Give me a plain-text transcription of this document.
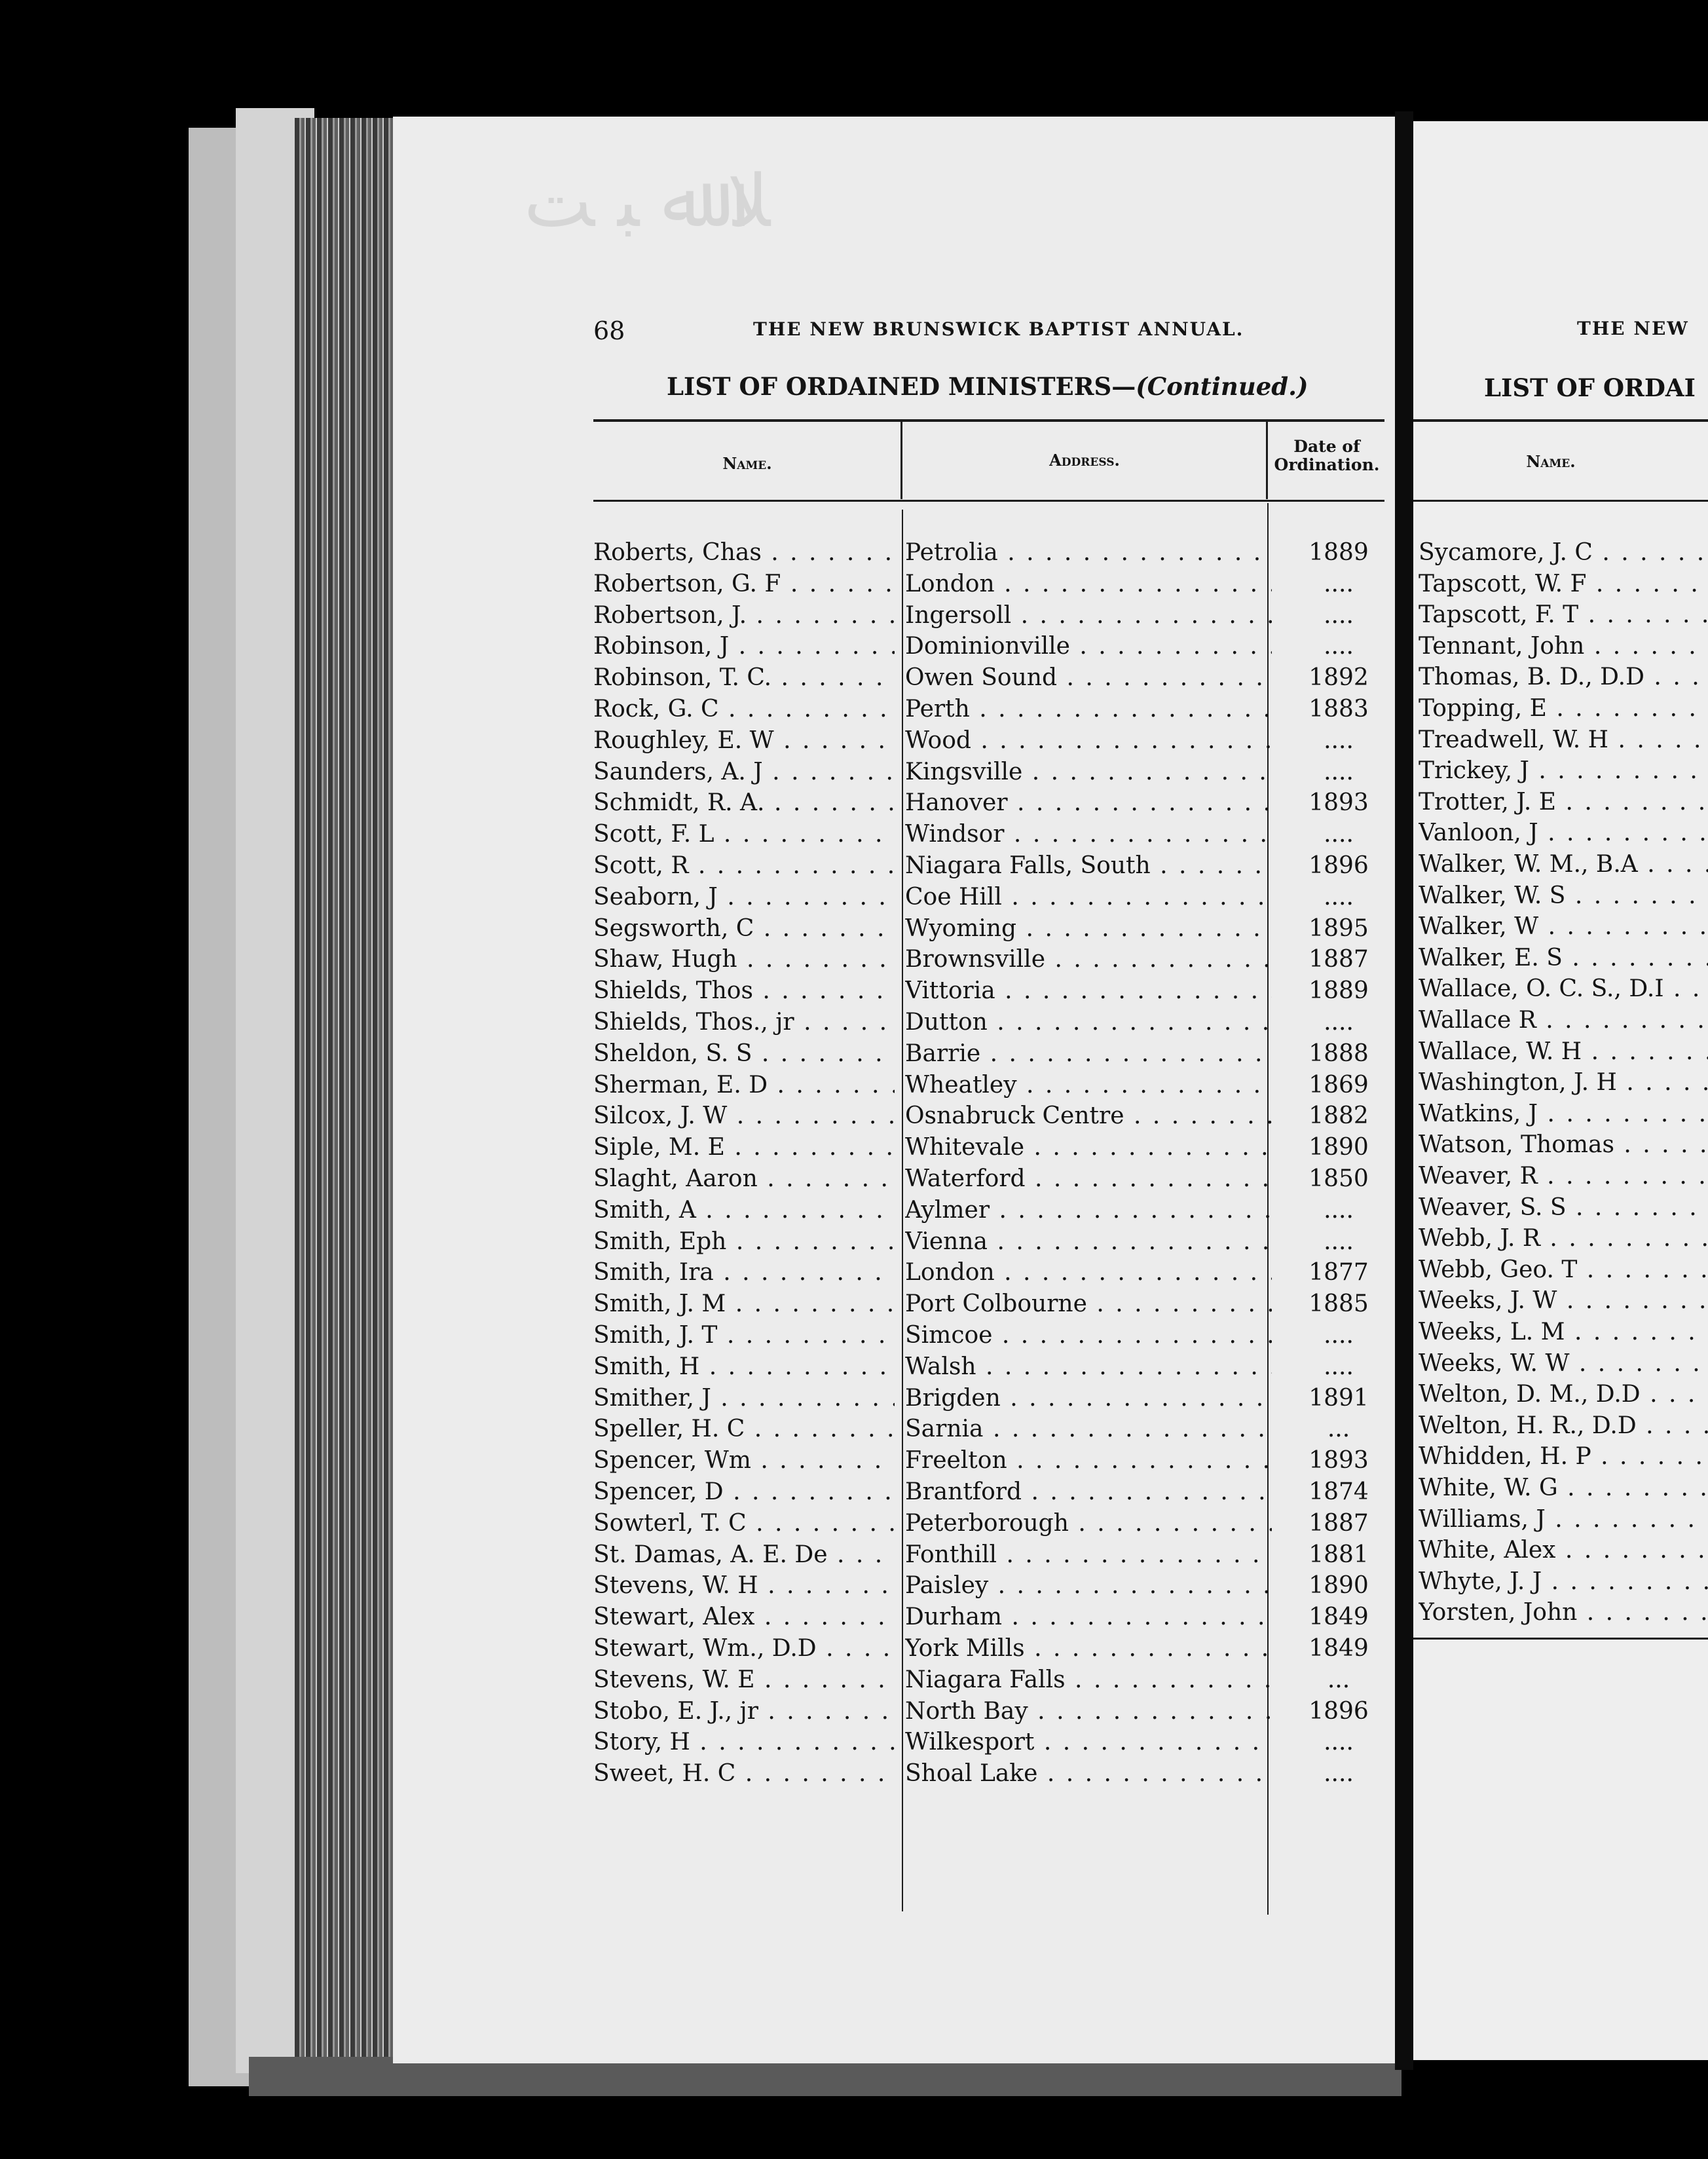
ﻼ ﷲ ﺒ ﺖ
68	THE NEW BRUNSWICK BAPTIST ANNUAL.
LIST OF ORDAINED MINISTERS—(Continued.)
Name.	Address.
Date of
Ordination.
Roberts, Chas . . .	Petrolia . . .	1889
Robertson, G. F . . .	London . . .	....
Robertson, J. . . .	Ingersoll . . .	....
Robinson, J . . .	Dominionville . . .	....
Robinson, T. C. . . .	Owen Sound . . .	1892
Rock, G. C . . .	Perth . . .	1883
Roughley, E. W . . .	Wood . . .	....
Saunders, A. J . . .	Kingsville . . .	....
Schmidt, R. A. . . .	Hanover . . .	1893
Scott, F. L . . .	Windsor . . .	....
Scott, R . . .	Niagara Falls, South . . .	1896
Seaborn, J . . .	Coe Hill . . .	....
Segsworth, C . . .	Wyoming . . .	1895
Shaw, Hugh . . .	Brownsville . . .	1887
Shields, Thos . . .	Vittoria . . .	1889
Shields, Thos., jr . . .	Dutton . . .	....
Sheldon, S. S . . .	Barrie . . .	1888
Sherman, E. D . . .	Wheatley . . .	1869
Silcox, J. W . . .	Osnabruck Centre . . .	1882
Siple, M. E . . .	Whitevale . . .	1890
Slaght, Aaron . . .	Waterford . . .	1850
Smith, A . . .	Aylmer . . .	....
Smith, Eph . . .	Vienna . . .	....
Smith, Ira . . .	London . . .	1877
Smith, J. M . . .	Port Colbourne . . .	1885
Smith, J. T . . .	Simcoe . . .	....
Smith, H . . .	Walsh . . .	....
Smither, J . . .	Brigden . . .	1891
Speller, H. C . . .	Sarnia . . .	...
Spencer, Wm . . .	Freelton . . .	1893
Spencer, D . . .	Brantford . . .	1874
Sowterl, T. C . . .	Peterborough . . .	1887
St. Damas, A. E. De . . .	Fonthill . . .	1881
Stevens, W. H . . .	Paisley . . .	1890
Stewart, Alex . . .	Durham . . .	1849
Stewart, Wm., D.D . . .	York Mills . . .	1849
Stevens, W. E . . .	Niagara Falls . . .	...
Stobo, E. J., jr . . .	North Bay . . .	1896
Story, H . . .	Wilkesport . . .	....
Sweet, H. C . . .	Shoal Lake . . .	....
THE NEW
LIST OF ORDAI
Name.
Sycamore, J. C . . .
Tapscott, W. F . . .
Tapscott, F. T . . .
Tennant, John . . .
Thomas, B. D., D.D . . .
Topping, E . . .
Treadwell, W. H . . .
Trickey, J . . .
Trotter, J. E . . .
Vanloon, J . . .
Walker, W. M., B.A . . .
Walker, W. S . . .
Walker, W . . .
Walker, E. S . . .
Wallace, O. C. S., D.I . . .
Wallace R . . .
Wallace, W. H . . .
Washington, J. H . . .
Watkins, J . . .
Watson, Thomas . . .
Weaver, R . . .
Weaver, S. S . . .
Webb, J. R . . .
Webb, Geo. T . . .
Weeks, J. W . . .
Weeks, L. M . . .
Weeks, W. W . . .
Welton, D. M., D.D . . .
Welton, H. R., D.D . . .
Whidden, H. P . . .
White, W. G . . .
Williams, J . . .
White, Alex . . .
Whyte, J. J . . .
Yorsten, John . . .
